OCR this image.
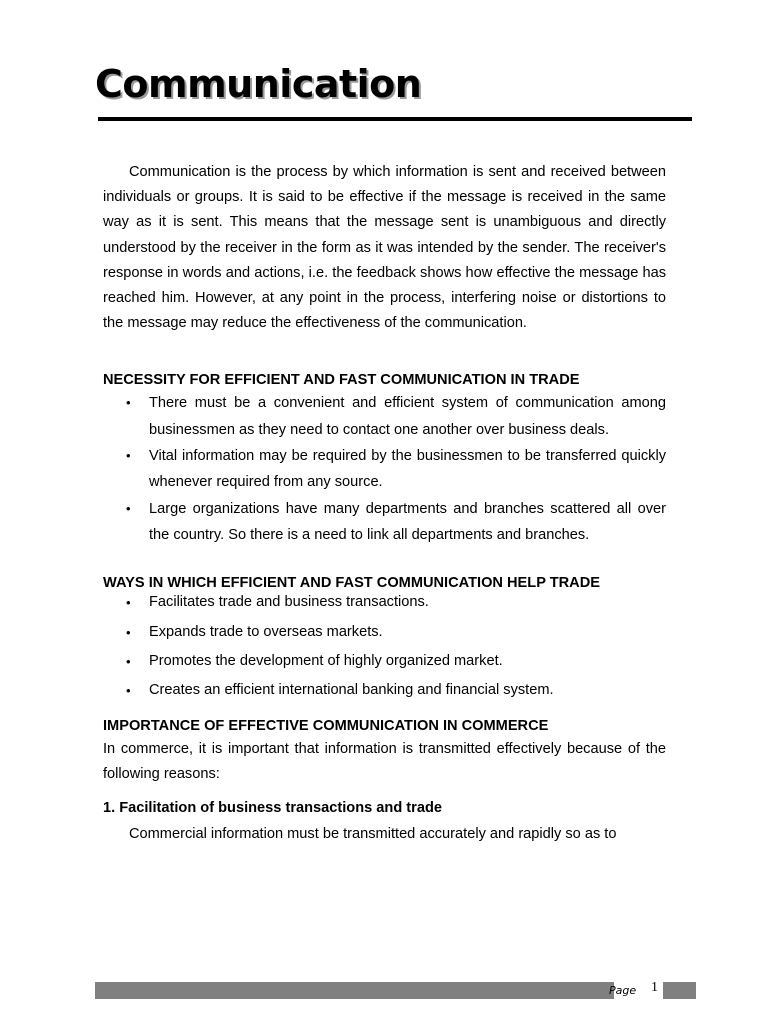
Communication

Communication is the process by which information is sent and received between individuals or groups. It is said to be effective if the message is received in the same way as it is sent. This means that the message sent is unambiguous and directly understood by the receiver in the form as it was intended by the sender. The receiver's response in words and actions, i.e. the feedback shows how effective the message has reached him. However, at any point in the process, interfering noise or distortions to the message may reduce the effectiveness of the communication.

NECESSITY FOR EFFICIENT AND FAST COMMUNICATION IN TRADE
• There must be a convenient and efficient system of communication among businessmen as they need to contact one another over business deals.
• Vital information may be required by the businessmen to be transferred quickly whenever required from any source.
• Large organizations have many departments and branches scattered all over the country. So there is a need to link all departments and branches.
WAYS IN WHICH EFFICIENT AND FAST COMMUNICATION HELP TRADE
• Facilitates trade and business transactions.
• Expands trade to overseas markets.
• Promotes the development of highly organized market.
• Creates an efficient international banking and financial system.
IMPORTANCE OF EFFECTIVE COMMUNICATION IN COMMERCE

In commerce, it is important that information is transmitted effectively because of the following reasons:

1. Facilitation of business transactions and trade

Commercial information must be transmitted accurately and rapidly so as to

Page 1
